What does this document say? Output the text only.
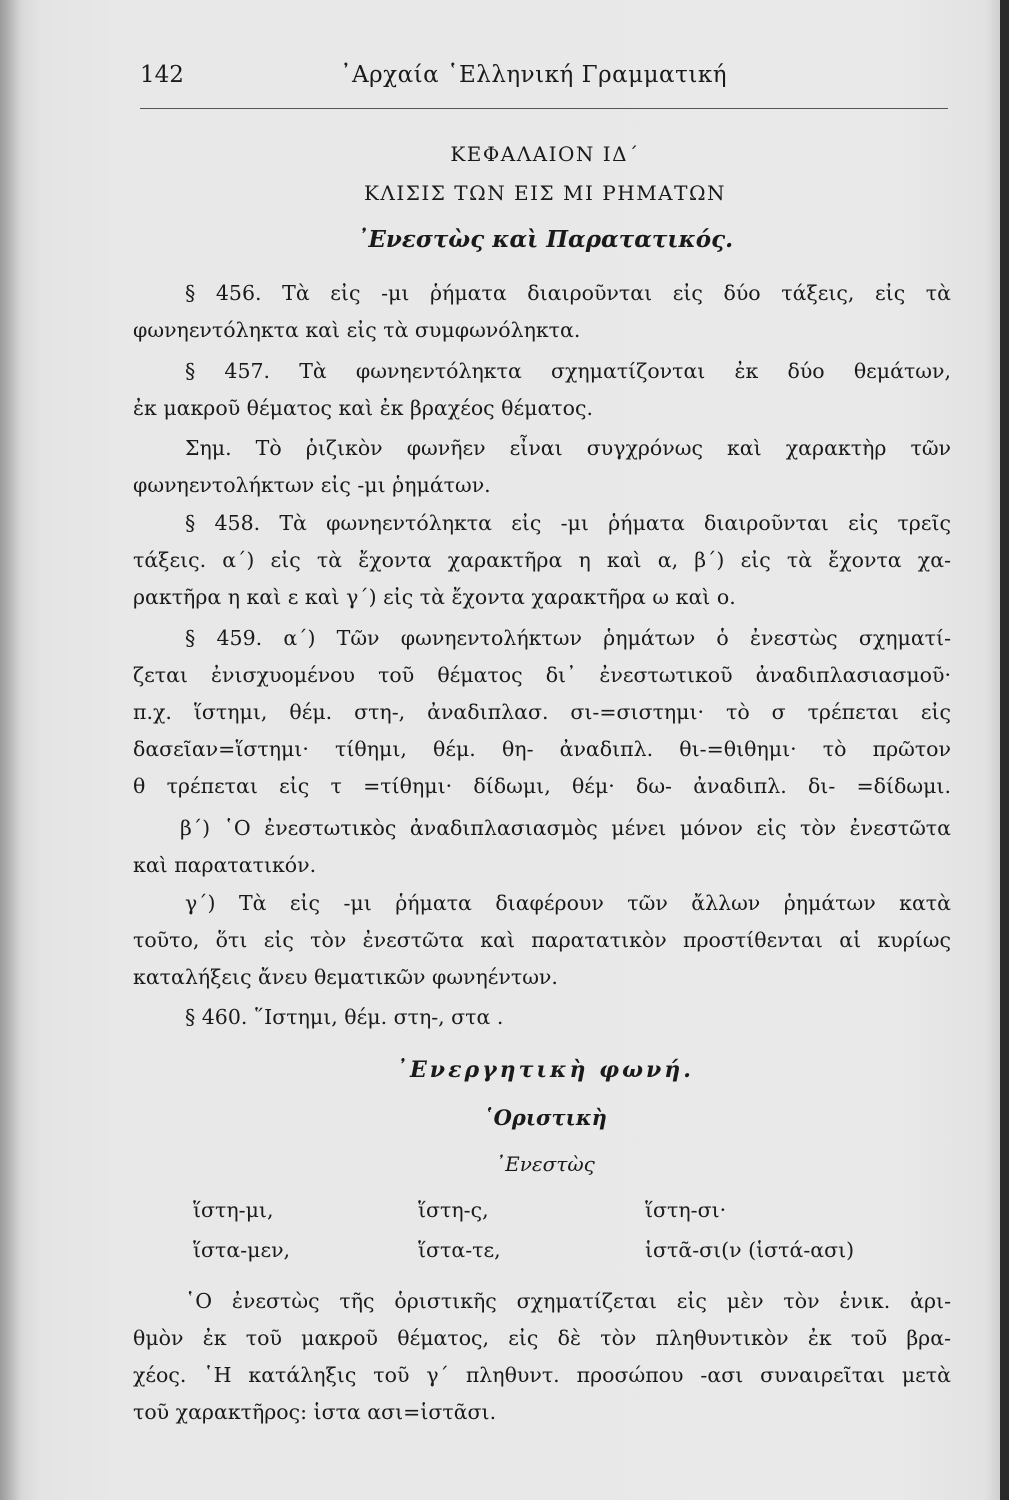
142	᾿Αρχαία ῾Ελληνική Γραμματική
ΚΕΦΑΛΑΙΟΝ ΙΔ΄
ΚΛΙΣΙΣ ΤΩΝ ΕΙΣ ΜΙ ΡΗΜΑΤΩΝ
᾿Ενεστὼς καὶ Παρατατικός.
§ 456. Τὰ εἰς -μι ῥήματα διαιροῦνται εἰς δύο τάξεις, εἰς τὰ
φωνηεντόληκτα καὶ εἰς τὰ συμφωνόληκτα.
§ 457. Τὰ φωνηεντόληκτα σχηματίζονται ἐκ δύο θεμάτων,
ἐκ μακροῦ θέματος καὶ ἐκ βραχέος θέματος.
Σημ. Τὸ ῥιζικὸν φωνῆεν εἶναι συγχρόνως καὶ χαρακτὴρ τῶν
φωνηεντολήκτων εἰς -μι ῥημάτων.
§ 458. Τὰ φωνηεντόληκτα εἰς -μι ῥήματα διαιροῦνται εἰς τρεῖς
τάξεις. α΄) εἰς τὰ ἔχοντα χαρακτῆρα η καὶ α, β΄) εἰς τὰ ἔχοντα χα-
ρακτῆρα η καὶ ε καὶ γ΄) εἰς τὰ ἔχοντα χαρακτῆρα ω καὶ ο.
§ 459. α΄) Τῶν φωνηεντολήκτων ῥημάτων ὁ ἐνεστὼς σχηματί-
ζεται ἐνισχυομένου τοῦ θέματος δι᾿ ἐνεστωτικοῦ ἀναδιπλασιασμοῦ·
π.χ. ἵστημι, θέμ. στη-, ἀναδιπλασ. σι-=σιστημι· τὸ σ τρέπεται εἰς
δασεῖαν=ἵστημι· τίθημι, θέμ. θη- ἀναδιπλ. θι-=θιθημι· τὸ πρῶτον
θ τρέπεται εἰς τ =τίθημι· δίδωμι, θέμ· δω- ἀναδιπλ. δι- =δίδωμι.
β΄) ῾Ο ἐνεστωτικὸς ἀναδιπλασιασμὸς μένει μόνον εἰς τὸν ἐνεστῶτα
καὶ παρατατικόν.
γ΄) Τὰ εἰς -μι ῥήματα διαφέρουν τῶν ἄλλων ῥημάτων κατὰ
τοῦτο, ὅτι εἰς τὸν ἐνεστῶτα καὶ παρατατικὸν προστίθενται αἱ κυρίως
καταλήξεις ἄνευ θεματικῶν φωνηέντων.
§ 460. ῞Ιστημι, θέμ. στη-, στα .
᾿Ενεργητικὴ φωνή.
῾Οριστικὴ
᾿Ενεστὼς
ἵστη-μι,	ἵστη-ς,	ἵστη-σι·
ἵστα-μεν,	ἵστα-τε,	ἱστᾶ-σι(ν (ἱστά-ασι)
῾Ο ἐνεστὼς τῆς ὁριστικῆς σχηματίζεται εἰς μὲν τὸν ἑνικ. ἀρι-
θμὸν ἐκ τοῦ μακροῦ θέματος, εἰς δὲ τὸν πληθυντικὸν ἐκ τοῦ βρα-
χέος. ῾Η κατάληξις τοῦ γ΄ πληθυντ. προσώπου -ασι συναιρεῖται μετὰ
τοῦ χαρακτῆρος: ἱστα ασι=ἱστᾶσι.
